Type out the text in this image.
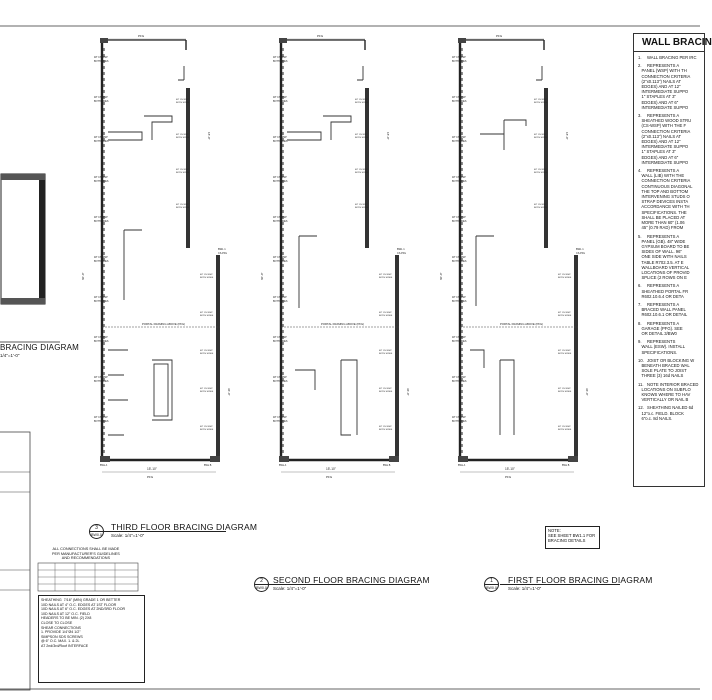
48" CS-WSP
BOTH SIDES
48" CS-WSP
BOTH SIDES
48" CS-WSP
BOTH SIDES
48" CS-WSP
BOTH SIDES
48" CS-WSP
BOTH SIDES
48" CS-WSP
BOTH SIDES
48" CS-WSP
BOTH SIDES
48" CS-WSP
BOTH SIDES
48" CS-WSP
BOTH SIDES
48" CS-WSP
BOTH SIDES
48" CS-WSP
BOTH SIDES
48" CS-WSP
BOTH SIDES
48" CS-WSP
BOTH SIDES
48" CS-WSP
BOTH SIDES
48" CS-WSP
BOTH SIDES
48" CS-WSP
BOTH SIDES
48" CS-WSP
BOTH SIDES
48" CS-WSP
BOTH SIDES
48" CS-WSP
BOTH SIDES
PORTAL FRAMING ABOVE (PFG)
PFG
15'-10"
PFG
BWL A	BWL B
BWL 1
CS-PFG
18'-0"
36'-0"
60'-0"
48" CS-WSP
BOTH SIDES
48" CS-WSP
BOTH SIDES
48" CS-WSP
BOTH SIDES
48" CS-WSP
BOTH SIDES
48" CS-WSP
BOTH SIDES
48" CS-WSP
BOTH SIDES
48" CS-WSP
BOTH SIDES
48" CS-WSP
BOTH SIDES
48" CS-WSP
BOTH SIDES
48" CS-WSP
BOTH SIDES
48" CS-WSP
BOTH SIDES
48" CS-WSP
BOTH SIDES
48" CS-WSP
BOTH SIDES
48" CS-WSP
BOTH SIDES
48" CS-WSP
BOTH SIDES
48" CS-WSP
BOTH SIDES
48" CS-WSP
BOTH SIDES
48" CS-WSP
BOTH SIDES
48" CS-WSP
BOTH SIDES
PORTAL FRAMING ABOVE (PFG)
PFG
15'-10"
PFG
BWL A	BWL B
BWL 1
CS-PFG
18'-0"
36'-0"
60'-0"
48" CS-WSP
BOTH SIDES
48" CS-WSP
BOTH SIDES
48" CS-WSP
BOTH SIDES
48" CS-WSP
BOTH SIDES
48" CS-WSP
BOTH SIDES
48" CS-WSP
BOTH SIDES
48" CS-WSP
BOTH SIDES
48" CS-WSP
BOTH SIDES
48" CS-WSP
BOTH SIDES
48" CS-WSP
BOTH SIDES
48" CS-WSP
BOTH SIDES
48" CS-WSP
BOTH SIDES
48" CS-WSP
BOTH SIDES
48" CS-WSP
BOTH SIDES
48" CS-WSP
BOTH SIDES
48" CS-WSP
BOTH SIDES
48" CS-WSP
BOTH SIDES
48" CS-WSP
BOTH SIDES
48" CS-WSP
BOTH SIDES
PORTAL FRAMING ABOVE (PFG)
PFG
15'-10"
PFG
BWL A	BWL B
BWL 1
CS-PFG
18'-0"
36'-0"
60'-0"
BRACING DIAGRAM
1/4"=1'-0"
3
BW0.0
THIRD FLOOR BRACING DIAGRAM
Scale: 1/4"=1'-0"
2
BW0.0
SECOND FLOOR BRACING DIAGRAM
Scale: 1/4"=1'-0"
1
BW0.0
FIRST FLOOR BRACING DIAGRAM
Scale: 1/4"=1'-0"
ALL CONNECTIONS SHALL BE MADE
PER MANUFACTURER'S GUIDELINES
AND RECOMMENDATIONS
SHEATHING  7/16" (MIN) GRADE 1 OR BETTER
10D NAILS AT 4" O.C. EDGES AT 1ST FLOOR
10D NAILS AT 6" O.C. EDGES AT 2ND/3RD FLOOR
10D NAILS AT 12" O.C. FIELD
HEADERS TO BE MIN. (2) 2X8
CLOSE TO CLOSE
SHEAR CONNECTIONS
1. PROVIDE 1/4"Ø4 1/2"
SIMPSON SDS SCREWS
@ 6" O.C. MAX. 1. & 2L
AT 2nd/3rd/Roof INTERFACE
NOTE:
SEE SHEET BW1.1 FOR
BRACING DETAILS
WALL BRACIN
1. WALL BRACING PER IRC
2. REPRESENTS A
PANEL (WSP) WITH TH
CONNECTION CRITERIA
(2"x0.113") NAILS AT
EDGES) AND AT 12"
INTERMEDIATE SUPPO
1" STAPLES AT 3"
EDGES) AND AT 6"
INTERMEDIATE SUPPO
3. REPRESENTS A
SHEATHED WOOD STRU
(CS-WSP) WITH THE F
CONNECTION CRITERIA
(2"x0.113") NAILS AT
EDGES) AND AT 12"
INTERMEDIATE SUPPO
1" STAPLES AT 3"
EDGES) AND AT 6"
INTERMEDIATE SUPPO
4. REPRESENTS A
WALL (LIB) WITH THE
CONNECTION CRITERIA
CONTINUOUS DIAGONAL
THE TOP AND BOTTOM
INTERVENING STUDS O
STRAP DEVICES INSTA
ACCORDANCE WITH TH
SPECIFICATIONS. THE
SHALL BE PLACED AT
MORE THAN 60" (1.06
45" (0.79 RAD) FROM
5. REPRESENTS A
PANEL (GB). 48" WIDE
GYPSUM BOARD TO BE
SIDES OF WALL. 96"
ONE SIDE WITH NAILS
TABLE R702.3.5. AT E
WALLBOARD VERTICAL
LOCATIONS OF PROVID
SPLICE (2 ROWS ON E
6. REPRESENTS A
SHEATHED PORTAL FR
R602.10.6.4 OR DETA
7. REPRESENTS A
BRACED WALL PANEL
R602.10.6.1 OR DETAIL
8. REPRESENTS A
GARAGE (PFG). SEE
OR DETAIL 3/BW0
9. REPRESENTS
WALL (ESW). INSTALL
SPECIFICATIONS.
10. JOIST OR BLOCKING W
BENEATH BRACED WAL
SOLE PLATE TO JOIST
THREE (3) 16d NAILS
11. NOTE INTERIOR BRACED
LOCATIONS ON SUBFLO
KNOWS WHERE TO HAV
VERTICALLY OR NAIL B
12. SHEATHING NAILED 6d
12"o.c. FIELD. BLOCK
6"o.c. 8d NAILS.
